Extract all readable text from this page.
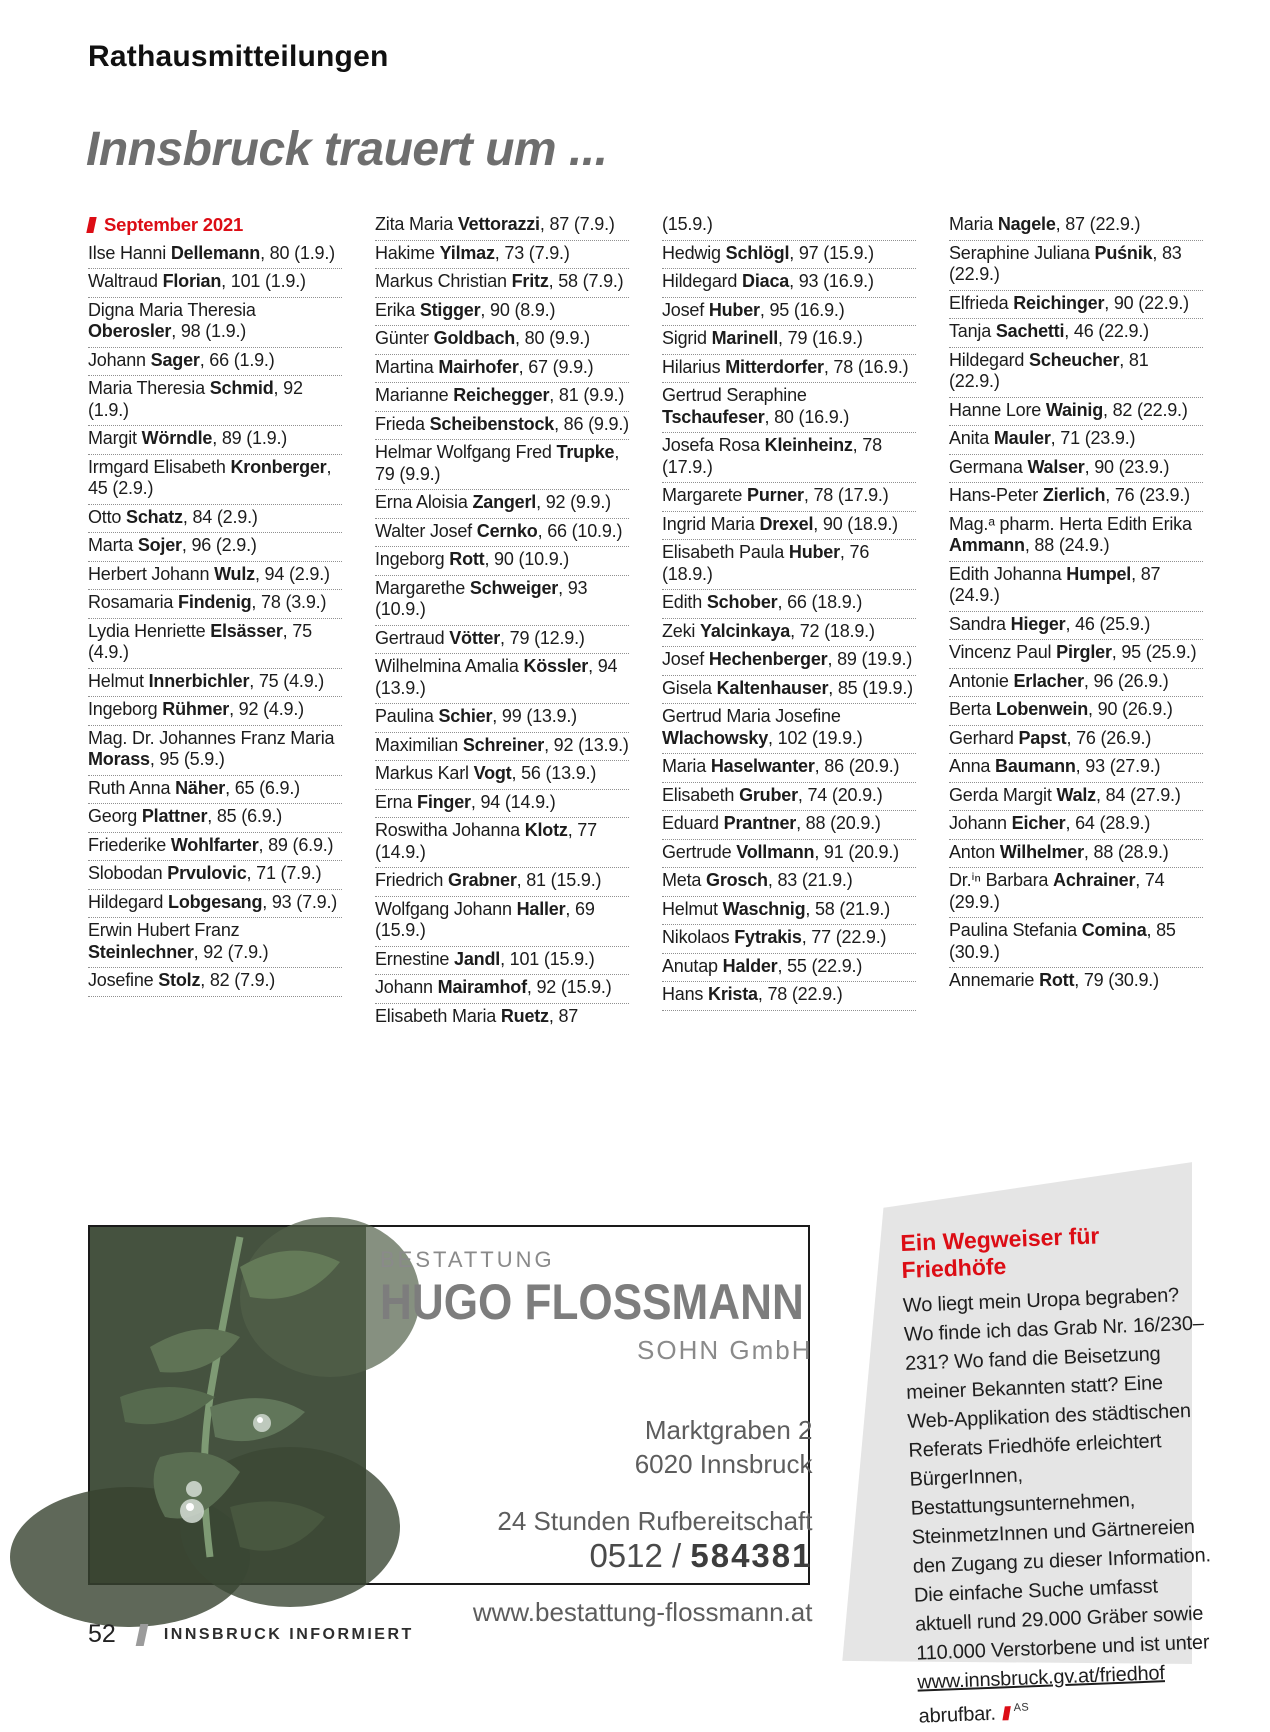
Rathausmitteilungen
Innsbruck trauert um ...
September 2021
Ilse Hanni Dellemann, 80 (1.9.)
Waltraud Florian, 101 (1.9.)
Digna Maria Theresia Oberosler, 98 (1.9.)
Johann Sager, 66 (1.9.)
Maria Theresia Schmid, 92 (1.9.)
Margit Wörndle, 89 (1.9.)
Irmgard Elisabeth Kronberger, 45 (2.9.)
Otto Schatz, 84 (2.9.)
Marta Sojer, 96 (2.9.)
Herbert Johann Wulz, 94 (2.9.)
Rosamaria Findenig, 78 (3.9.)
Lydia Henriette Elsässer, 75 (4.9.)
Helmut Innerbichler, 75 (4.9.)
Ingeborg Rühmer, 92 (4.9.)
Mag. Dr. Johannes Franz Maria Morass, 95 (5.9.)
Ruth Anna Näher, 65 (6.9.)
Georg Plattner, 85 (6.9.)
Friederike Wohlfarter, 89 (6.9.)
Slobodan Prvulovic, 71 (7.9.)
Hildegard Lobgesang, 93 (7.9.)
Erwin Hubert Franz Steinlechner, 92 (7.9.)
Josefine Stolz, 82 (7.9.)
Zita Maria Vettorazzi, 87 (7.9.)
Hakime Yilmaz, 73 (7.9.)
Markus Christian Fritz, 58 (7.9.)
Erika Stigger, 90 (8.9.)
Günter Goldbach, 80 (9.9.)
Martina Mairhofer, 67 (9.9.)
Marianne Reichegger, 81 (9.9.)
Frieda Scheibenstock, 86 (9.9.)
Helmar Wolfgang Fred Trupke, 79 (9.9.)
Erna Aloisia Zangerl, 92 (9.9.)
Walter Josef Cernko, 66 (10.9.)
Ingeborg Rott, 90 (10.9.)
Margarethe Schweiger, 93 (10.9.)
Gertraud Vötter, 79 (12.9.)
Wilhelmina Amalia Kössler, 94 (13.9.)
Paulina Schier, 99 (13.9.)
Maximilian Schreiner, 92 (13.9.)
Markus Karl Vogt, 56 (13.9.)
Erna Finger, 94 (14.9.)
Roswitha Johanna Klotz, 77 (14.9.)
Friedrich Grabner, 81 (15.9.)
Wolfgang Johann Haller, 69 (15.9.)
Ernestine Jandl, 101 (15.9.)
Johann Mairamhof, 92 (15.9.)
Elisabeth Maria Ruetz, 87
(15.9.)
Hedwig Schlögl, 97 (15.9.)
Hildegard Diaca, 93 (16.9.)
Josef Huber, 95 (16.9.)
Sigrid Marinell, 79 (16.9.)
Hilarius Mitterdorfer, 78 (16.9.)
Gertrud Seraphine Tschaufeser, 80 (16.9.)
Josefa Rosa Kleinheinz, 78 (17.9.)
Margarete Purner, 78 (17.9.)
Ingrid Maria Drexel, 90 (18.9.)
Elisabeth Paula Huber, 76 (18.9.)
Edith Schober, 66 (18.9.)
Zeki Yalcinkaya, 72 (18.9.)
Josef Hechenberger, 89 (19.9.)
Gisela Kaltenhauser, 85 (19.9.)
Gertrud Maria Josefine Wlachowsky, 102 (19.9.)
Maria Haselwanter, 86 (20.9.)
Elisabeth Gruber, 74 (20.9.)
Eduard Prantner, 88 (20.9.)
Gertrude Vollmann, 91 (20.9.)
Meta Grosch, 83 (21.9.)
Helmut Waschnig, 58 (21.9.)
Nikolaos Fytrakis, 77 (22.9.)
Anutap Halder, 55 (22.9.)
Hans Krista, 78 (22.9.)
Maria Nagele, 87 (22.9.)
Seraphine Juliana Puśnik, 83 (22.9.)
Elfrieda Reichinger, 90 (22.9.)
Tanja Sachetti, 46 (22.9.)
Hildegard Scheucher, 81 (22.9.)
Hanne Lore Wainig, 82 (22.9.)
Anita Mauler, 71 (23.9.)
Germana Walser, 90 (23.9.)
Hans-Peter Zierlich, 76 (23.9.)
Mag.ᵃ pharm. Herta Edith Erika Ammann, 88 (24.9.)
Edith Johanna Humpel, 87 (24.9.)
Sandra Hieger, 46 (25.9.)
Vincenz Paul Pirgler, 95 (25.9.)
Antonie Erlacher, 96 (26.9.)
Berta Lobenwein, 90 (26.9.)
Gerhard Papst, 76 (26.9.)
Anna Baumann, 93 (27.9.)
Gerda Margit Walz, 84 (27.9.)
Johann Eicher, 64 (28.9.)
Anton Wilhelmer, 88 (28.9.)
Dr.ⁱⁿ Barbara Achrainer, 74 (29.9.)
Paulina Stefania Comina, 85 (30.9.)
Annemarie Rott, 79 (30.9.)
BESTATTUNG
HUGO FLOSSMANN
SOHN GmbH
Marktgraben 2
6020 Innsbruck
24 Stunden Rufbereitschaft
0512 / 584381
www.bestattung-flossmann.at
Ein Wegweiser für Friedhöfe
Wo liegt mein Uropa begraben? Wo finde ich das Grab Nr. 16/230–231? Wo fand die Beisetzung meiner Bekannten statt? Eine Web-Applikation des städtischen Referats Friedhöfe erleichtert BürgerInnen, Bestattungsunternehmen, SteinmetzInnen und Gärtnereien den Zugang zu dieser Information. Die einfache Suche umfasst aktuell rund 29.000 Gräber sowie 110.000 Verstorbene und ist unter www.innsbruck.gv.at/friedhof abrufbar. $^{AS}$
52	INNSBRUCK INFORMIERT
